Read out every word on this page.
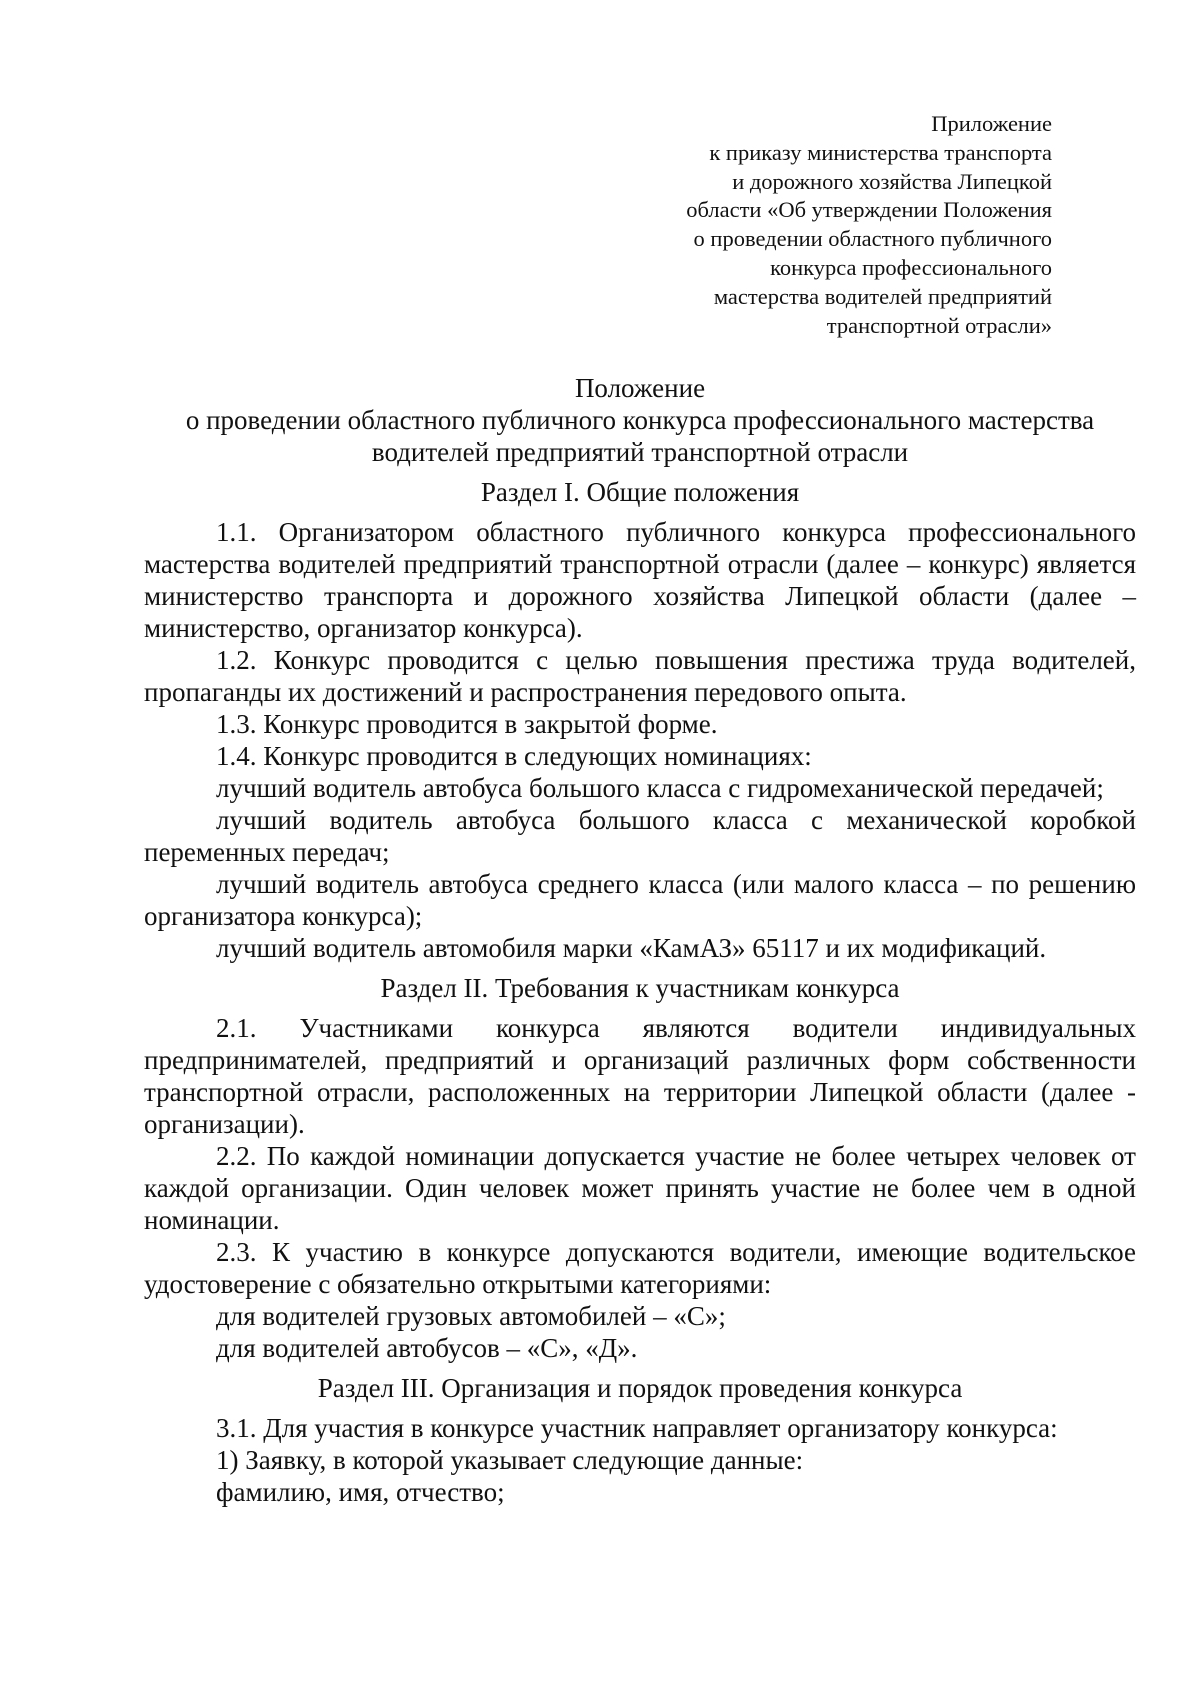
Приложение
к приказу министерства транспорта
и дорожного хозяйства Липецкой
области «Об утверждении Положения
о проведении областного публичного
конкурса профессионального
мастерства водителей предприятий
транспортной отрасли»
Положение
о проведении областного публичного конкурса профессионального мастерства
водителей предприятий транспортной отрасли
Раздел I. Общие положения

1.1. Организатором областного публичного конкурса профессионального мастерства водителей предприятий транспортной отрасли (далее – конкурс) является министерство транспорта и дорожного хозяйства Липецкой области (далее – министерство, организатор конкурса).

1.2. Конкурс проводится с целью повышения престижа труда водителей, пропаганды их достижений и распространения передового опыта.

1.3. Конкурс проводится в закрытой форме.

1.4. Конкурс проводится в следующих номинациях:

лучший водитель автобуса большого класса с гидромеханической передачей;

лучший водитель автобуса большого класса с механической коробкой переменных передач;

лучший водитель автобуса среднего класса (или малого класса – по решению организатора конкурса);

лучший водитель автомобиля марки «КамАЗ» 65117 и их модификаций.

Раздел II. Требования к участникам конкурса

2.1. Участниками конкурса являются водители индивидуальных предпринимателей, предприятий и организаций различных форм собственности транспортной отрасли, расположенных на территории Липецкой области (далее - организации).

2.2. По каждой номинации допускается участие не более четырех человек от каждой организации. Один человек может принять участие не более чем в одной номинации.

2.3. К участию в конкурсе допускаются водители, имеющие водительское удостоверение с обязательно открытыми категориями:

для водителей грузовых автомобилей – «С»;

для водителей автобусов – «С», «Д».

Раздел III. Организация и порядок проведения конкурса

3.1. Для участия в конкурсе участник направляет организатору конкурса:

1) Заявку, в которой указывает следующие данные:

фамилию, имя, отчество;
